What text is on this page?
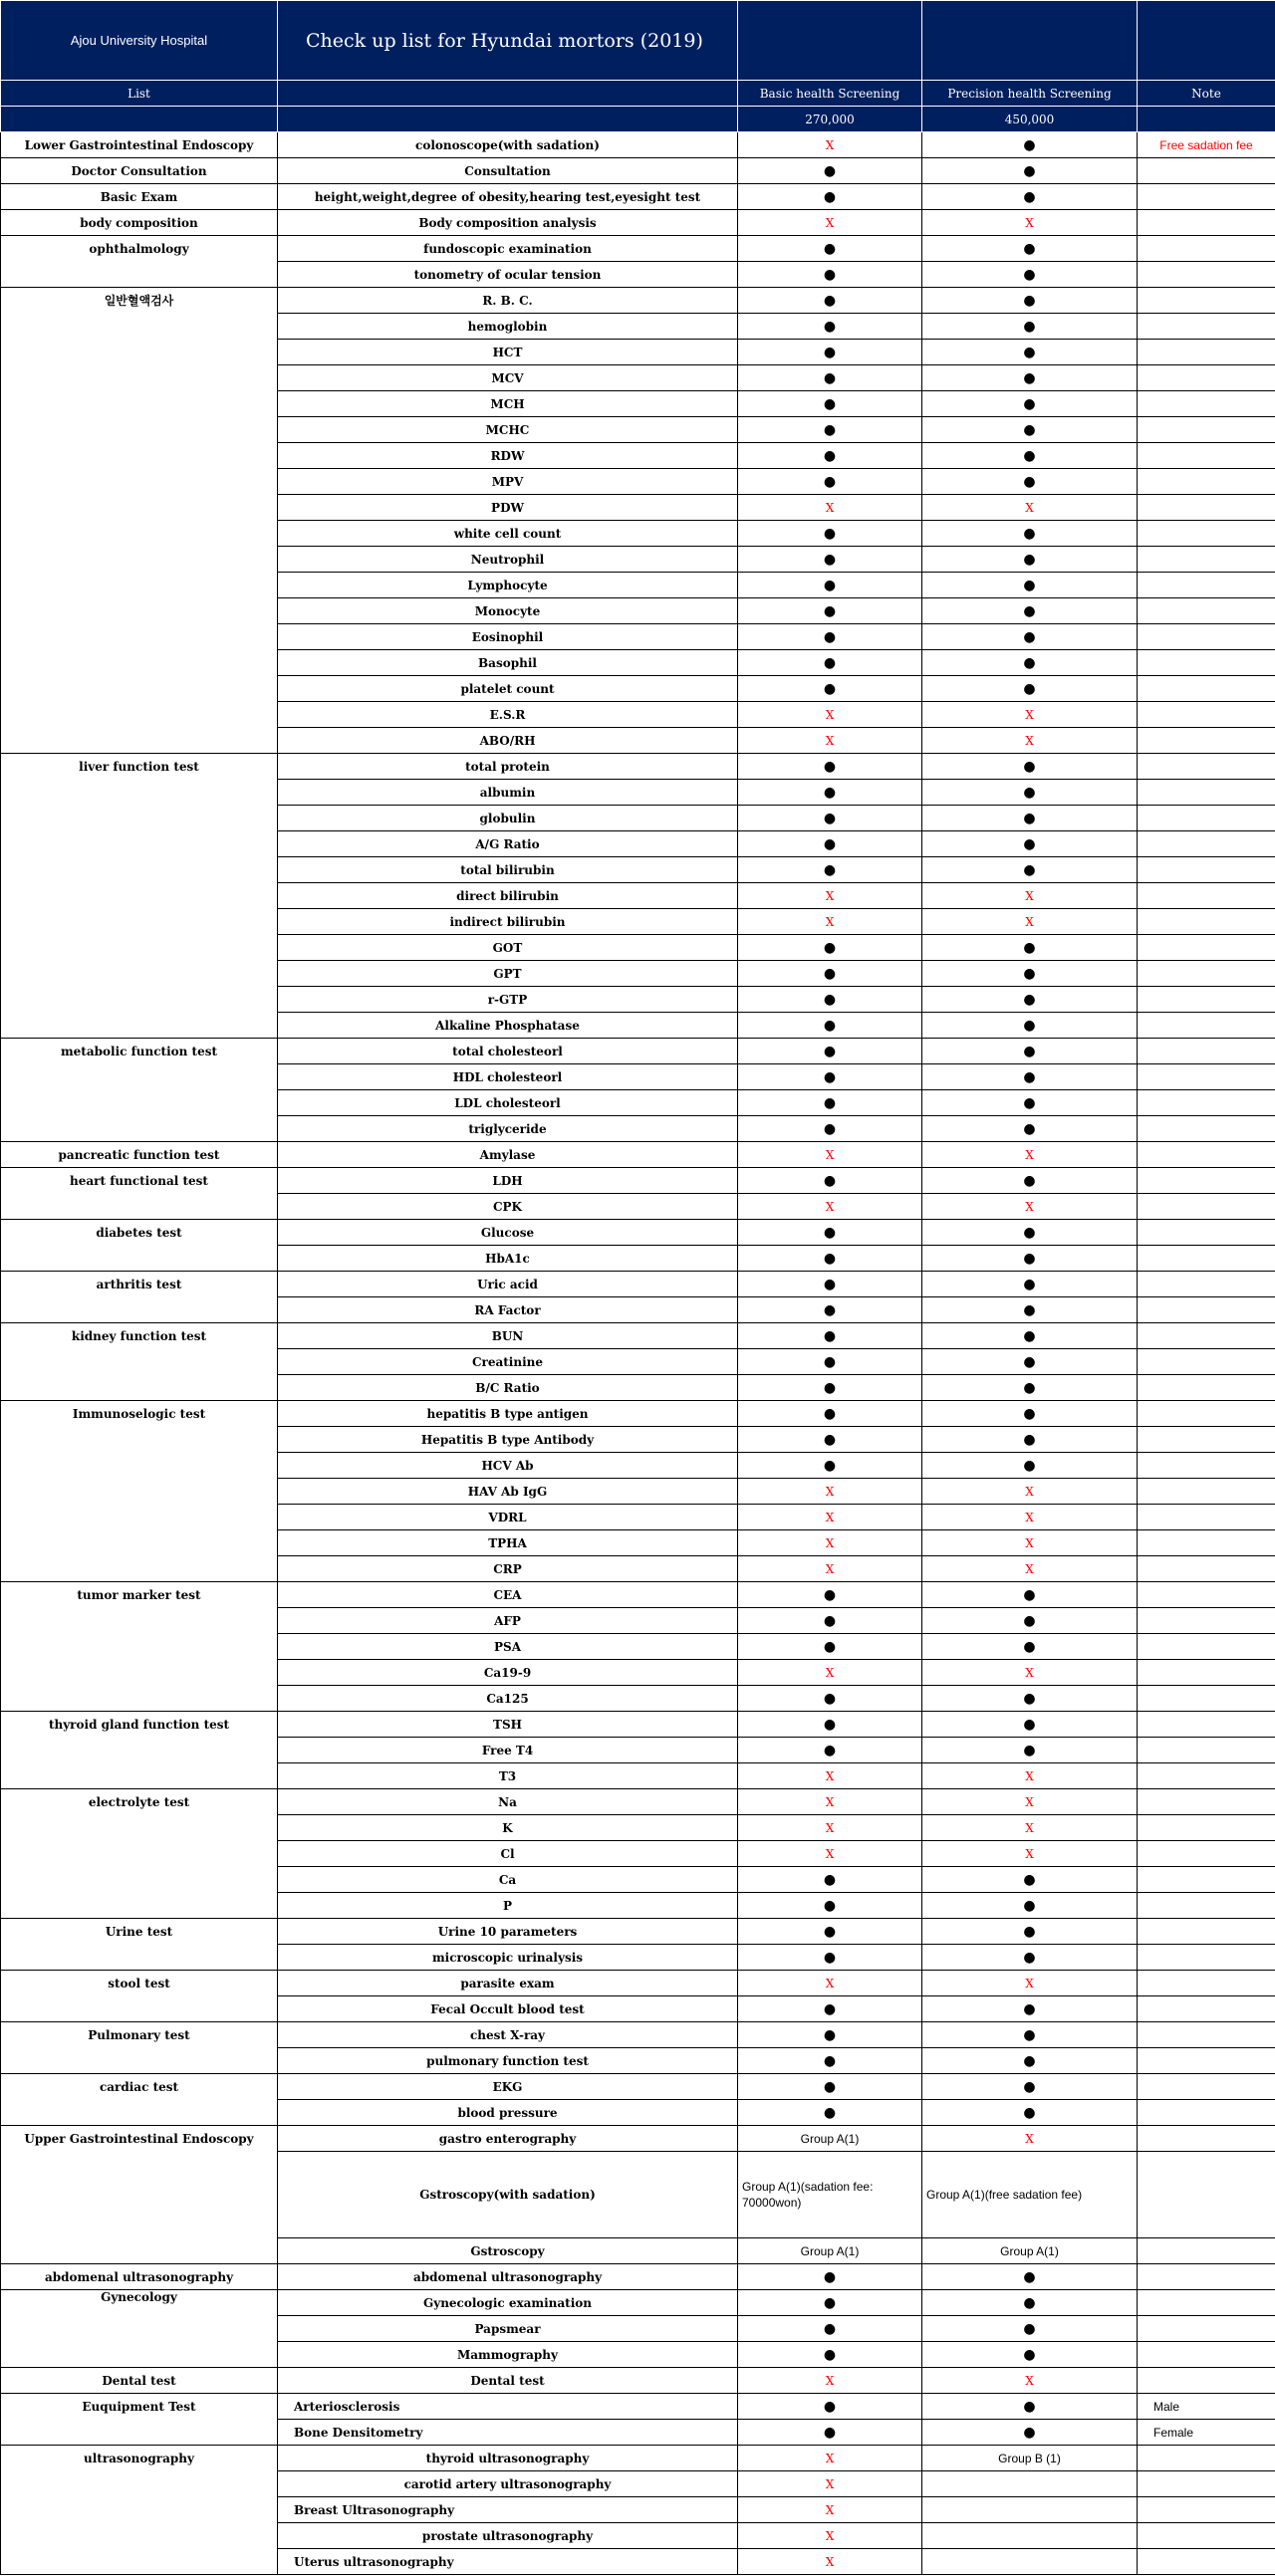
Ajou University Hospital	Check up list for Hyundai mortors (2019)			
List		Basic health Screening	Precision health Screening	Note
		270,000	450,000	
Lower Gastrointestinal Endoscopy	colonoscope(with sadation)	X	●	Free sadation fee
Doctor Consultation	Consultation	●	●	
Basic Exam	height,weight,degree of obesity,hearing test,eyesight test	●	●	
body composition	Body composition analysis	X	X	
ophthalmology	fundoscopic examination	●	●	
	tonometry of ocular tension	●	●	
일반혈액검사	R. B. C.	●	●	
	hemoglobin	●	●	
	HCT	●	●	
	MCV	●	●	
	MCH	●	●	
	MCHC	●	●	
	RDW	●	●	
	MPV	●	●	
	PDW	X	X	
	white cell count	●	●	
	Neutrophil	●	●	
	Lymphocyte	●	●	
	Monocyte	●	●	
	Eosinophil	●	●	
	Basophil	●	●	
	platelet count	●	●	
	E.S.R	X	X	
	ABO/RH	X	X	
liver function test	total protein	●	●	
	albumin	●	●	
	globulin	●	●	
	A/G Ratio	●	●	
	total bilirubin	●	●	
	direct bilirubin	X	X	
	indirect bilirubin	X	X	
	GOT	●	●	
	GPT	●	●	
	r-GTP	●	●	
	Alkaline Phosphatase	●	●	
metabolic function test	total cholesteorl	●	●	
	HDL cholesteorl	●	●	
	LDL cholesteorl	●	●	
	triglyceride	●	●	
pancreatic function test	Amylase	X	X	
heart functional test	LDH	●	●	
	CPK	X	X	
diabetes test	Glucose	●	●	
	HbA1c	●	●	
arthritis test	Uric acid	●	●	
	RA Factor	●	●	
kidney function test	BUN	●	●	
	Creatinine	●	●	
	B/C Ratio	●	●	
Immunoselogic test	hepatitis B type antigen	●	●	
	Hepatitis B type Antibody	●	●	
	HCV Ab	●	●	
	HAV Ab IgG	X	X	
	VDRL	X	X	
	TPHA	X	X	
	CRP	X	X	
tumor marker test	CEA	●	●	
	AFP	●	●	
	PSA	●	●	
	Ca19-9	X	X	
	Ca125	●	●	
thyroid gland function test	TSH	●	●	
	Free T4	●	●	
	T3	X	X	
electrolyte test	Na	X	X	
	K	X	X	
	Cl	X	X	
	Ca	●	●	
	P	●	●	
Urine test	Urine 10 parameters	●	●	
	microscopic urinalysis	●	●	
stool test	parasite exam	X	X	
	Fecal Occult blood test	●	●	
Pulmonary test	chest X-ray	●	●	
	pulmonary function test	●	●	
cardiac test	EKG	●	●	
	blood pressure	●	●	
Upper Gastrointestinal Endoscopy	gastro enterography	Group A(1)	X	
	Gstroscopy(with sadation)	Group A(1)(sadation fee: 70000won)	Group A(1)(free sadation fee)	
	Gstroscopy	Group A(1)	Group A(1)	
abdomenal ultrasonography	abdomenal ultrasonography	●	●	
Gynecology	Gynecologic examination	●	●	
	Papsmear	●	●	
	Mammography	●	●	
Dental test	Dental test	X	X	
Euquipment Test	Arteriosclerosis	●	●	Male
	Bone Densitometry	●	●	Female
ultrasonography	thyroid ultrasonography	X	Group B (1)	
	carotid artery ultrasonography	X		
	Breast Ultrasonography	X		
	prostate ultrasonography	X		
	Uterus ultrasonography	X		
